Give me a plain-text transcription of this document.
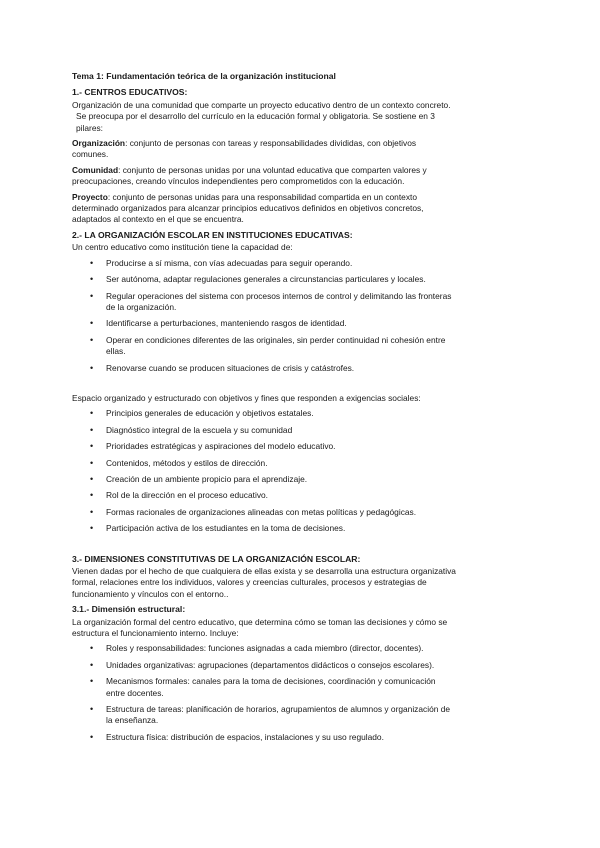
Tema 1: Fundamentación teórica de la organización institucional
1.- CENTROS EDUCATIVOS:

Organización de una comunidad que comparte un proyecto educativo dentro de un contexto concreto.

Se preocupa por el desarrollo del currículo en la educación formal y obligatoria. Se sostiene en 3

pilares:

Organización: conjunto de personas con tareas y responsabilidades divididas, con objetivos

comunes.

Comunidad: conjunto de personas unidas por una voluntad educativa que comparten valores y

preocupaciones, creando vínculos independientes pero comprometidos con la educación.

Proyecto: conjunto de personas unidas para una responsabilidad compartida en un contexto

determinado organizados para alcanzar principios educativos definidos en objetivos concretos,

adaptados al contexto en el que se encuentra.

2.- LA ORGANIZACIÓN ESCOLAR EN INSTITUCIONES EDUCATIVAS:

Un centro educativo como institución tiene la capacidad de:

• Producirse a sí misma, con vías adecuadas para seguir operando.
• Ser autónoma, adaptar regulaciones generales a circunstancias particulares y locales.
• Regular operaciones del sistema con procesos internos de control y delimitando las fronteras
de la organización.
• Identificarse a perturbaciones, manteniendo rasgos de identidad.
• Operar en condiciones diferentes de las originales, sin perder continuidad ni cohesión entre
ellas.
• Renovarse cuando se producen situaciones de crisis y catástrofes.

Espacio organizado y estructurado con objetivos y fines que responden a exigencias sociales:

• Principios generales de educación y objetivos estatales.
• Diagnóstico integral de la escuela y su comunidad
• Prioridades estratégicas y aspiraciones del modelo educativo.
• Contenidos, métodos y estilos de dirección.
• Creación de un ambiente propicio para el aprendizaje.
• Rol de la dirección en el proceso educativo.
• Formas racionales de organizaciones alineadas con metas políticas y pedagógicas.
• Participación activa de los estudiantes en la toma de decisiones.
3.- DIMENSIONES CONSTITUTIVAS DE LA ORGANIZACIÓN ESCOLAR:

Vienen dadas por el hecho de que cualquiera de ellas exista y se desarrolla una estructura organizativa

formal, relaciones entre los individuos, valores y creencias culturales, procesos y estrategias de

funcionamiento y vínculos con el entorno..

3.1.- Dimensión estructural:

La organización formal del centro educativo, que determina cómo se toman las decisiones y cómo se

estructura el funcionamiento interno. Incluye:

• Roles y responsabilidades: funciones asignadas a cada miembro (director, docentes).
• Unidades organizativas: agrupaciones (departamentos didácticos o consejos escolares).
• Mecanismos formales: canales para la toma de decisiones, coordinación y comunicación
entre docentes.
• Estructura de tareas: planificación de horarios, agrupamientos de alumnos y organización de
la enseñanza.
• Estructura física: distribución de espacios, instalaciones y su uso regulado.
